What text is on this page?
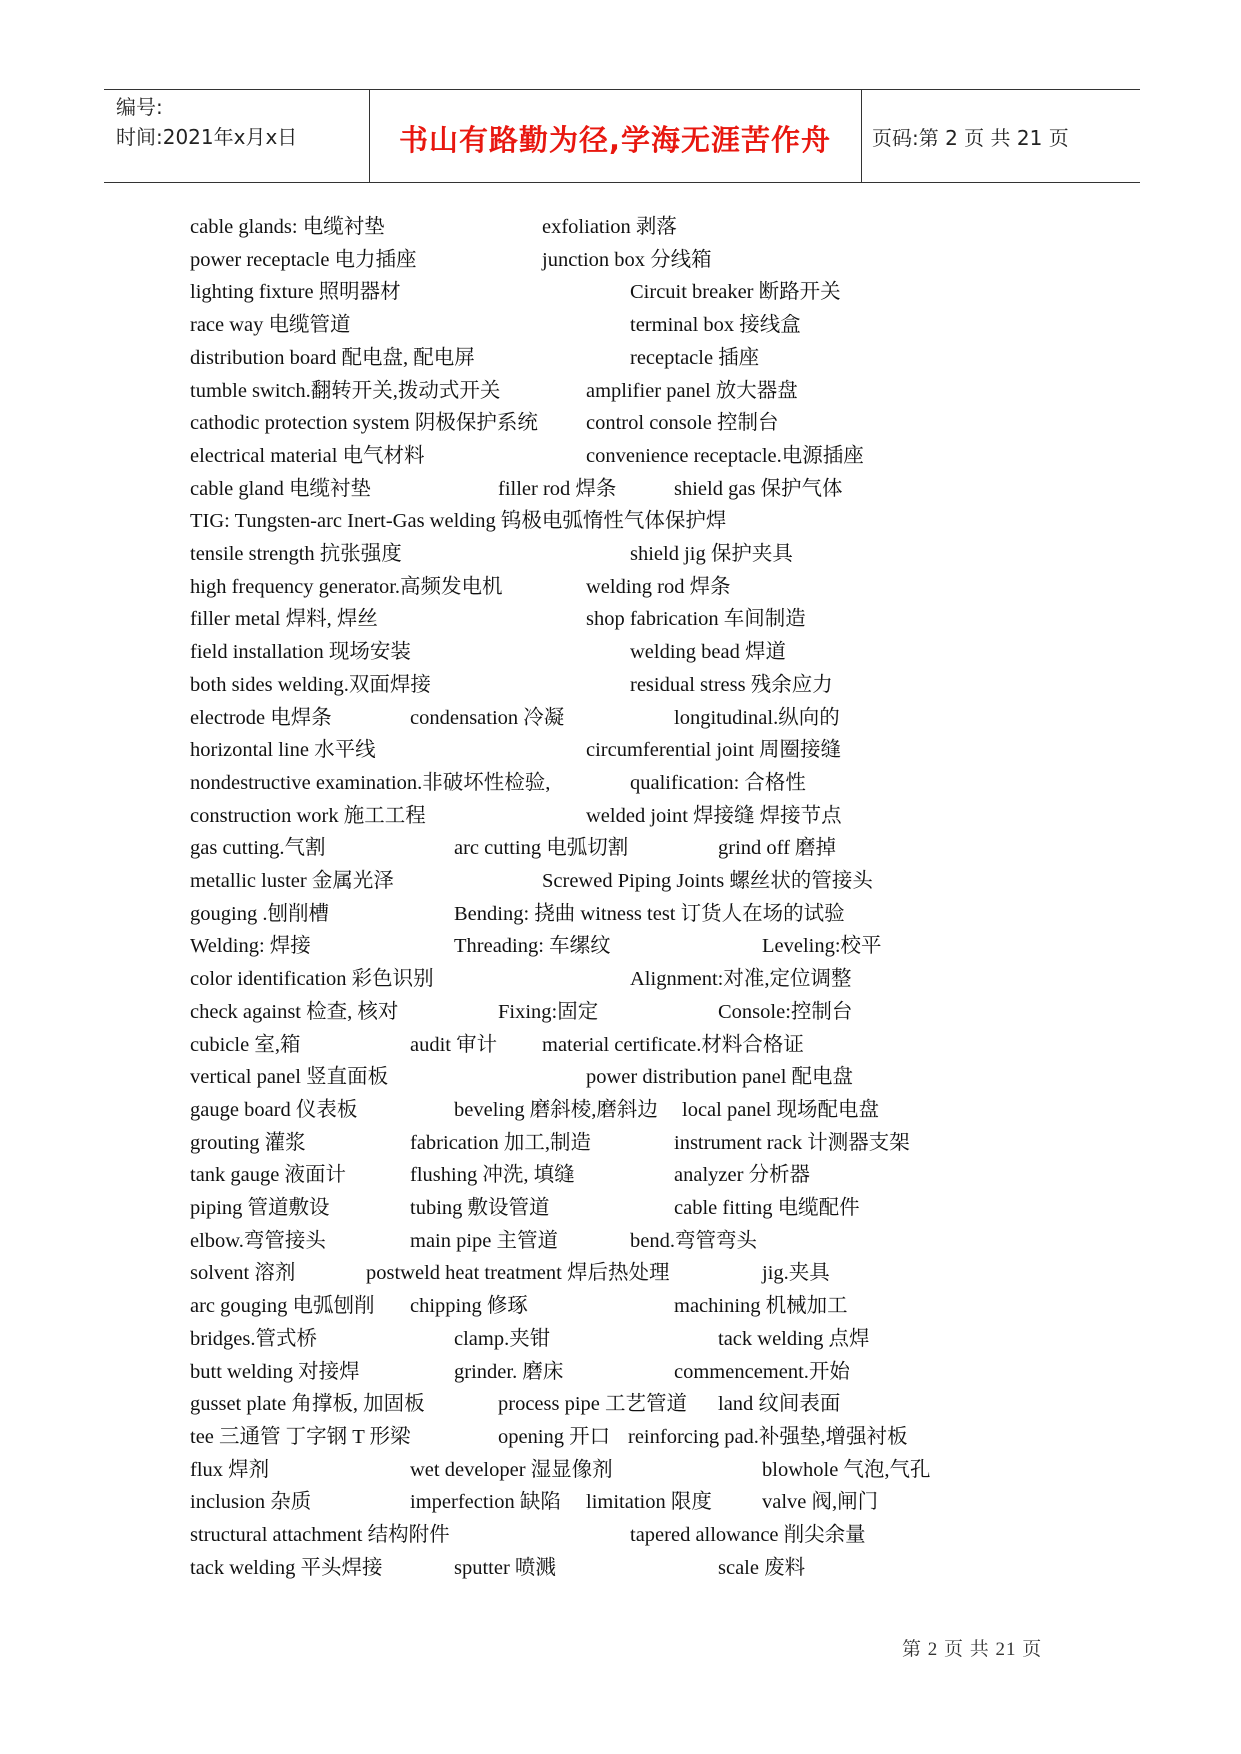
编号:
时间:2021年x月x日	书山有路勤为径,学海无涯苦作舟	页码:第 2 页 共 21 页
cable glands: 电缆衬垫	exfoliation 剥落
power receptacle 电力插座	junction box 分线箱
lighting fixture 照明器材	Circuit breaker 断路开关
race way 电缆管道	terminal box 接线盒
distribution board 配电盘, 配电屏	receptacle 插座
tumble switch.翻转开关,拨动式开关	amplifier panel 放大器盘
cathodic protection system 阴极保护系统 control console 控制台
electrical material 电气材料	convenience receptacle.电源插座
cable gland 电缆衬垫	filler rod 焊条	shield gas 保护气体
TIG: Tungsten-arc Inert-Gas welding 钨极电弧惰性气体保护焊
tensile strength 抗张强度	shield jig 保护夹具
high frequency generator.高频发电机	welding rod 焊条
filler metal 焊料, 焊丝	shop fabrication 车间制造
field installation 现场安装	welding bead 焊道
both sides welding.双面焊接	residual stress 残余应力
electrode 电焊条	condensation 冷凝	longitudinal.纵向的
horizontal line 水平线	circumferential joint 周圈接缝
nondestructive examination.非破坏性检验,	qualification: 合格性
construction work 施工工程	welded joint 焊接缝 焊接节点
gas cutting.气割	arc cutting 电弧切割	grind off 磨掉
metallic luster 金属光泽	Screwed Piping Joints 螺丝状的管接头
gouging .刨削槽	Bending: 挠曲 witness test 订货人在场的试验
Welding: 焊接	Threading: 车缧纹	Leveling:校平
color identification 彩色识别	Alignment:对准,定位调整
check against 检查, 核对	Fixing:固定	Console:控制台
cubicle 室,箱	audit 审计 material certificate.材料合格证
vertical panel 竖直面板	power distribution panel 配电盘
gauge board 仪表板	beveling 磨斜棱,磨斜边 local panel 现场配电盘
grouting 灌浆	fabrication 加工,制造	instrument rack 计测器支架
tank gauge 液面计	flushing 冲洗, 填缝	analyzer 分析器
piping 管道敷设	tubing 敷设管道	cable fitting 电缆配件
elbow.弯管接头	main pipe 主管道	bend.弯管弯头
solvent 溶剂	postweld heat treatment 焊后热处理	jig.夹具
arc gouging 电弧刨削 chipping 修琢	machining 机械加工
bridges.管式桥	clamp.夹钳	tack welding 点焊
butt welding 对接焊	grinder. 磨床	commencement.开始
gusset plate 角撑板, 加固板	process pipe 工艺管道 land 纹间表面
tee 三通管 丁字钢 T 形梁	opening 开口 reinforcing pad.补强垫,增强衬板
flux 焊剂	wet developer 湿显像剂	blowhole 气泡,气孔
inclusion 杂质	imperfection 缺陷 limitation 限度 valve 阀,闸门
structural attachment 结构附件	tapered allowance 削尖余量
tack welding 平头焊接	sputter 喷溅	scale 废料
第 2 页 共 21 页
